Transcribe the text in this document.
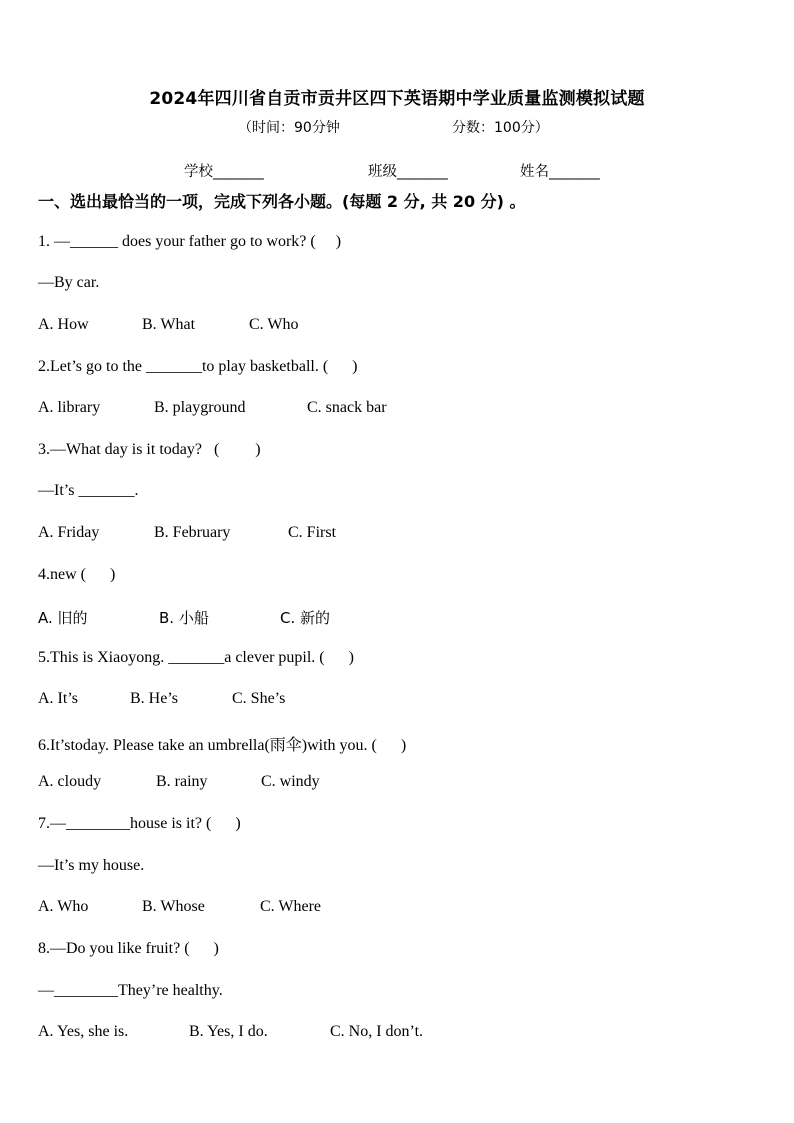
2024年四川省自贡市贡井区四下英语期中学业质量监测模拟试题
（时间：90分钟	分数：100分）
学校_______	班级_______	姓名_______
一、选出最恰当的一项，完成下列各小题。(每题 2 分, 共 20 分) 。
1. —______ does your father go to work? (     )
—By car.
A. How	B. What	C. Who
2.Let’s go to the _______to play basketball. (      )
A. library	B. playground	C. snack bar
3.—What day is it today?   (         )
—It’s _______.
A. Friday	B. February	C. First
4.new (      )
A. 旧的	B. 小船	C. 新的
5.This is Xiaoyong. _______a clever pupil. (      )
A. It’s	B. He’s	C. She’s
6.It’stoday. Please take an umbrella(雨伞)with you. (      )
A. cloudy	B. rainy	C. windy
7.—________house is it? (      )
—It’s my house.
A. Who	B. Whose	C. Where
8.—Do you like fruit? (      )
—________They’re healthy.
A. Yes, she is.	B. Yes, I do.	C. No, I don’t.
